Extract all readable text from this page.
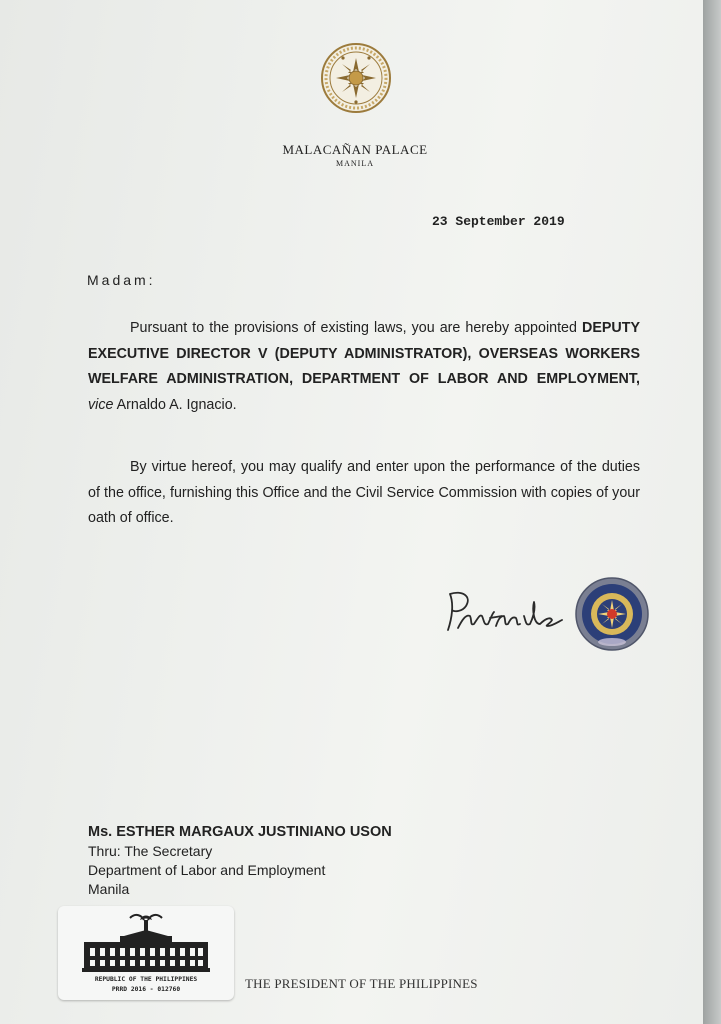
MALACAÑAN PALACE
MANILA
23 September 2019
Madam:
Pursuant to the provisions of existing laws, you are hereby appointed DEPUTY EXECUTIVE DIRECTOR V (DEPUTY ADMINISTRATOR), OVERSEAS WORKERS WELFARE ADMINISTRATION, DEPARTMENT OF LABOR AND EMPLOYMENT, vice Arnaldo A. Ignacio.
By virtue hereof, you may qualify and enter upon the performance of the duties of the office, furnishing this Office and the Civil Service Commission with copies of your oath of office.
Ms. ESTHER MARGAUX JUSTINIANO USON
Thru: The Secretary
Department of Labor and Employment
Manila
REPUBLIC OF THE PHILIPPINES
PRRD 2016 - 012760	THE PRESIDENT OF THE PHILIPPINES
